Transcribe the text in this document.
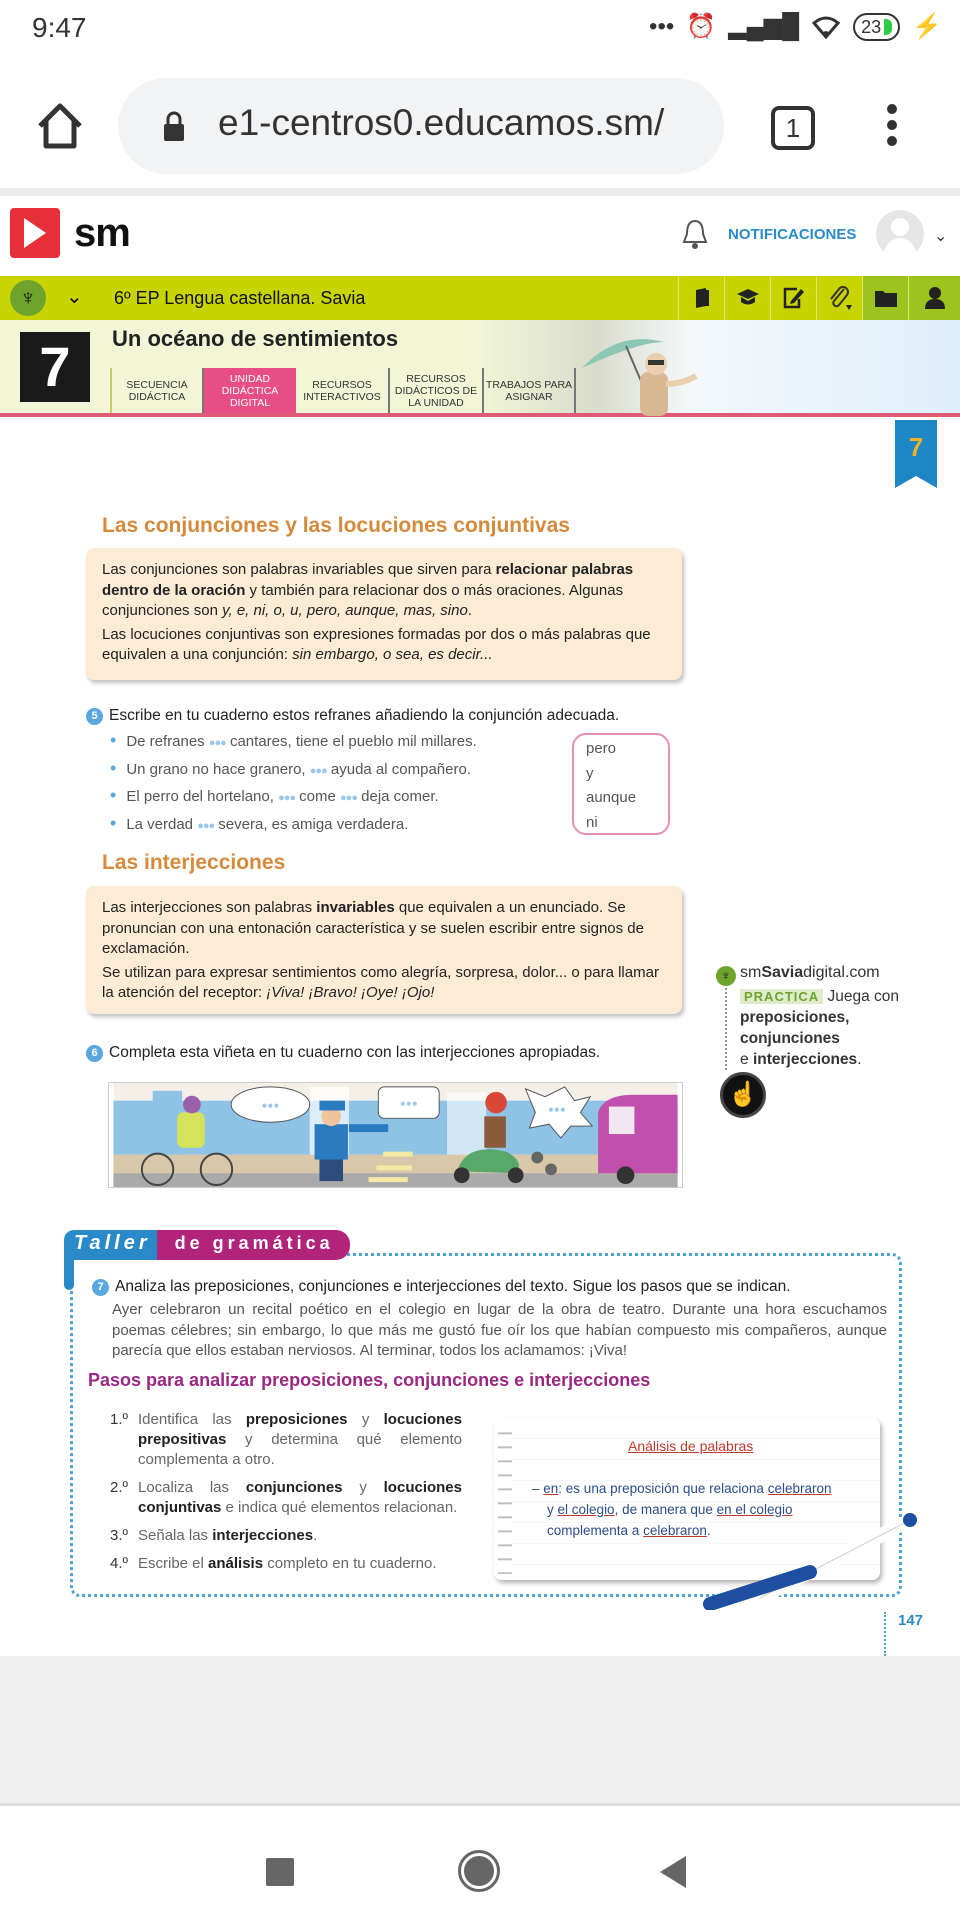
9:47	••• ⏰ ▂▄▆█	23 ⚡
e1-centros0.educamos.sm/	1
sm	NOTIFICACIONES	⌄
♆	⌄ 6º EP Lengua castellana. Savia
7	Un océano de sentimientos
SECUENCIA DIDÁCTICA
UNIDAD DIDÁCTICA DIGITAL
RECURSOS INTERACTIVOS
RECURSOS DIDÁCTICOS DE LA UNIDAD
TRABAJOS PARA ASIGNAR
7
Las conjunciones y las locuciones conjuntivas

Las conjunciones son palabras invariables que sirven para relacionar palabras dentro de la oración y también para relacionar dos o más oraciones. Algunas conjunciones son y, e, ni, o, u, pero, aunque, mas, sino.

Las locuciones conjuntivas son expresiones formadas por dos o más palabras que equivalen a una conjunción: sin embargo, o sea, es decir...

5 Escribe en tu cuaderno estos refranes añadiendo la conjunción adecuada.
• De refranes ●●● cantares, tiene el pueblo mil millares.
• Un grano no hace granero, ●●● ayuda al compañero.
• El perro del hortelano, ●●● come ●●● deja comer.
• La verdad ●●● severa, es amiga verdadera.
pero
y
aunque
ni
Las interjecciones

Las interjecciones son palabras invariables que equivalen a un enunciado. Se pronuncian con una entonación característica y se suelen escribir entre signos de exclamación.

Se utilizan para expresar sentimientos como alegría, sorpresa, dolor... o para llamar la atención del receptor: ¡Viva! ¡Bravo! ¡Oye! ¡Ojo!

6 Completa esta viñeta en tu cuaderno con las interjecciones apropiadas.
●●●	●●●
●●●
♆ smSaviadigital.com
PRACTICA Juega con preposiciones,
conjunciones
e interjecciones.
☝
Taller	de gramática
7 Analiza las preposiciones, conjunciones e interjecciones del texto. Sigue los pasos que se indican.
Ayer celebraron un recital poético en el colegio en lugar de la obra de teatro. Durante una hora escuchamos poemas célebres; sin embargo, lo que más me gustó fue oír los que habían compuesto mis compañeros, aunque parecía que ellos estaban nerviosos. Al terminar, todos los aclamamos: ¡Viva!
Pasos para analizar preposiciones, conjunciones e interjecciones
1.º Identifica las preposiciones y locuciones prepositivas y determina qué elemento complementa a otro.
2.º Localiza las conjunciones y locuciones conjuntivas e indica qué elementos relacionan.
3.º Señala las interjecciones.
4.º Escribe el análisis completo en tu cuaderno.
Análisis de palabras
– en: es una preposición que relaciona celebraron
y el colegio, de manera que en el colegio
complementa a celebraron.
147
